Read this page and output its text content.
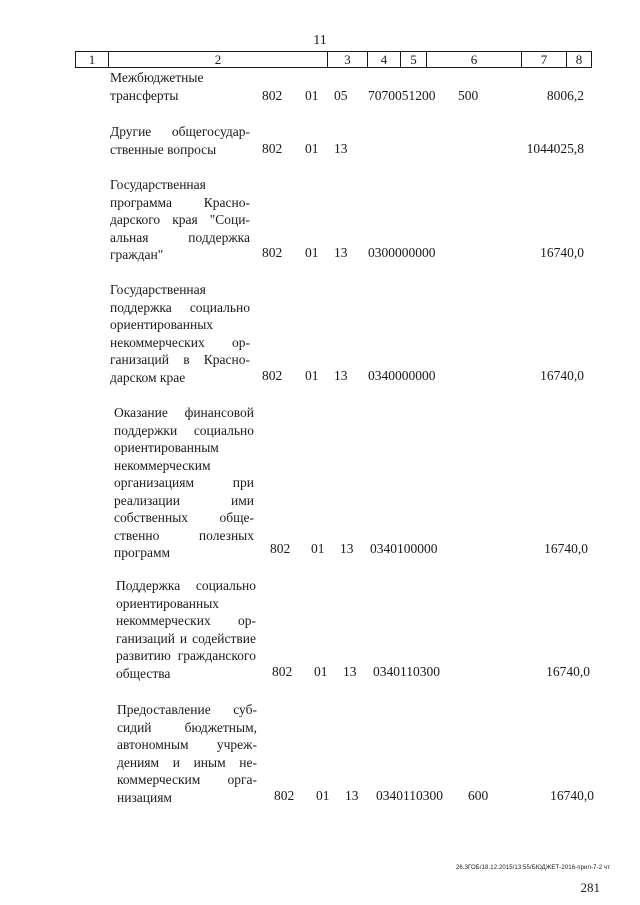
11
1	2	3	4	5	6	7	8
Межбюджетные трансферты	802 01 05 7070051200 500	8006,2
Другие общегосударственные вопросы	802 01 13	1044025,8
Государственная программа Краснодарского края "Социальная поддержка граждан"	802 01 13 0300000000	16740,0
Государственная поддержка социально ориентированных некоммерческих организаций в Краснодарском крае	802 01 13 0340000000	16740,0
Оказание финансовой поддержки социально ориентированным некоммерческим организациям при реализации ими собственных общественно полезных программ	802 01 13 0340100000	16740,0
Поддержка социально ориентированных некоммерческих организаций и содействие развитию гражданского общества	802 01 13 0340110300	16740,0
Предоставление субсидий бюджетным, автономным учреждениям и иным некоммерческим организациям	802 01 13 0340110300 600	16740,0
26.3ГОБ/18.12.2015/13:55/БЮДЖЕТ-2016-прил-7-2 чт
281
